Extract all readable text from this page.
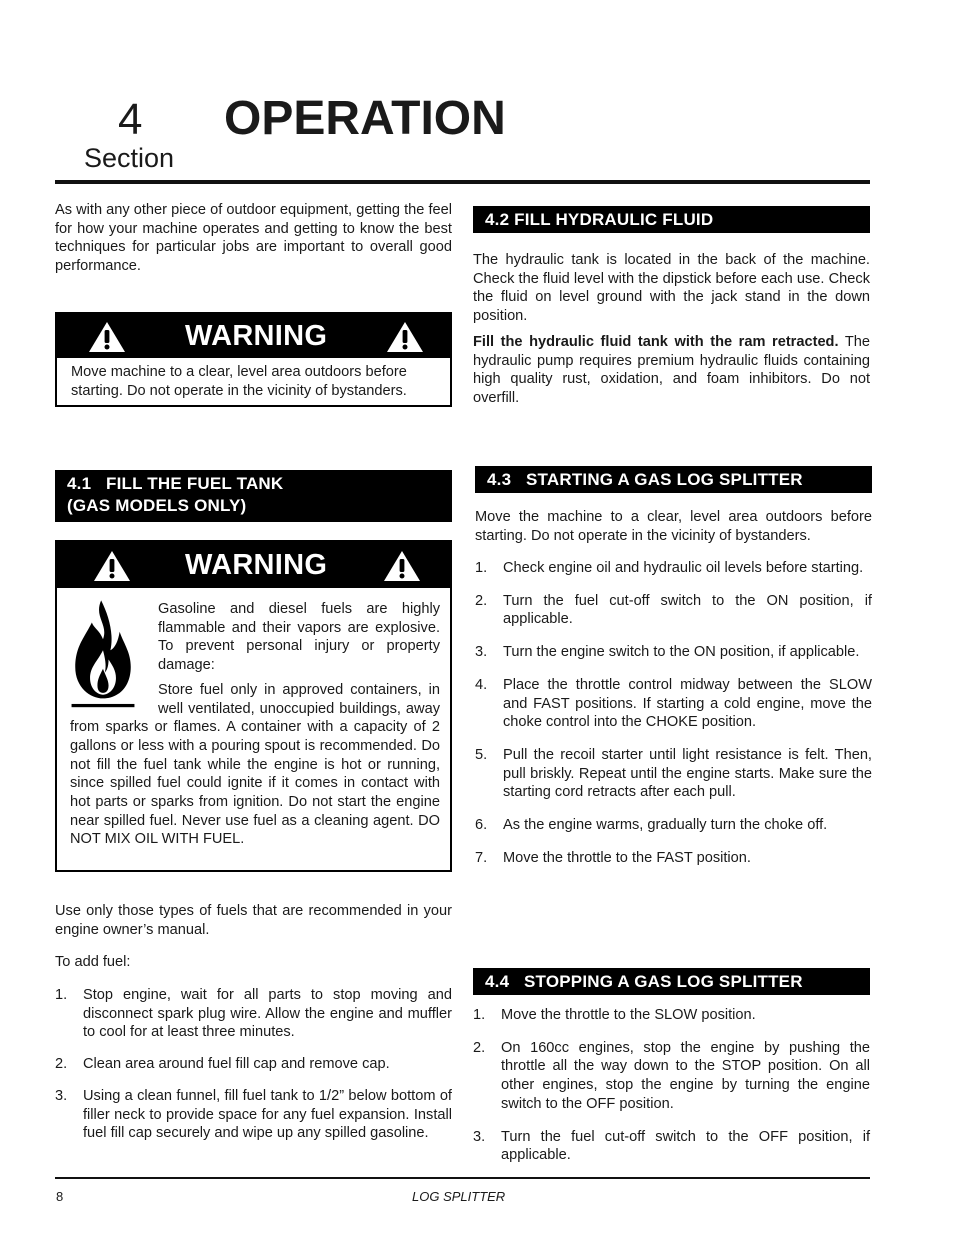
4
Section
OPERATION

As with any other piece of outdoor equipment, getting the feel for how your machine operates and getting to know the best techniques for particular jobs are important to overall good performance.

WARNING

Move machine to a clear, level area outdoors before starting. Do not operate in the vicinity of bystanders.

4.1   FILL THE FUEL TANK
(GAS MODELS ONLY)
WARNING

Gasoline and diesel fuels are highly flammable and their vapors are explosive. To prevent personal injury or property damage:

Store fuel only in approved containers, in well ventilated, unoccupied buildings, away from sparks or flames. A container with a capacity of 2 gallons or less with a pouring spout is recommended. Do not fill the fuel tank while the engine is hot or running, since spilled fuel could ignite if it comes in contact with hot parts or sparks from ignition. Do not start the engine near spilled fuel. Never use fuel as a cleaning agent. DO NOT MIX OIL WITH FUEL.

Use only those types of fuels that are recommended in your engine owner’s manual.

To add fuel:

1. Stop engine, wait for all parts to stop moving and disconnect spark plug wire. Allow the engine and muffler to cool for at least three minutes.
2. Clean area around fuel fill cap and remove cap.
3. Using a clean funnel, fill fuel tank to 1/2” below bottom of filler neck to provide space for any fuel expansion. Install fuel fill cap securely and wipe up any spilled gasoline.
4.2 FILL HYDRAULIC FLUID

The hydraulic tank is located in the back of the machine. Check the fluid level with the dipstick before each use. Check the fluid on level ground with the jack stand in the down position.

Fill the hydraulic fluid tank with the ram retracted. The hydraulic pump requires premium hydraulic fluids containing high quality rust, oxidation, and foam inhibitors. Do not overfill.

4.3   STARTING A GAS LOG SPLITTER

Move the machine to a clear, level area outdoors before starting. Do not operate in the vicinity of bystanders.

1. Check engine oil and hydraulic oil levels before starting.
2. Turn the fuel cut-off switch to the ON position, if applicable.
3. Turn the engine switch to the ON position, if applicable.
4. Place the throttle control midway between the SLOW and FAST positions. If starting a cold engine, move the choke control into the CHOKE position.
5. Pull the recoil starter until light resistance is felt. Then, pull briskly. Repeat until the engine starts. Make sure the starting cord retracts after each pull.
6. As the engine warms, gradually turn the choke off.
7. Move the throttle to the FAST position.
4.4   STOPPING A GAS LOG SPLITTER
1. Move the throttle to the SLOW position.
2. On 160cc engines, stop the engine by pushing the throttle all the way down to the STOP position. On all other engines, stop the engine by turning the engine switch to the OFF position.
3. Turn the fuel cut-off switch to the OFF position, if applicable.
8	LOG SPLITTER
